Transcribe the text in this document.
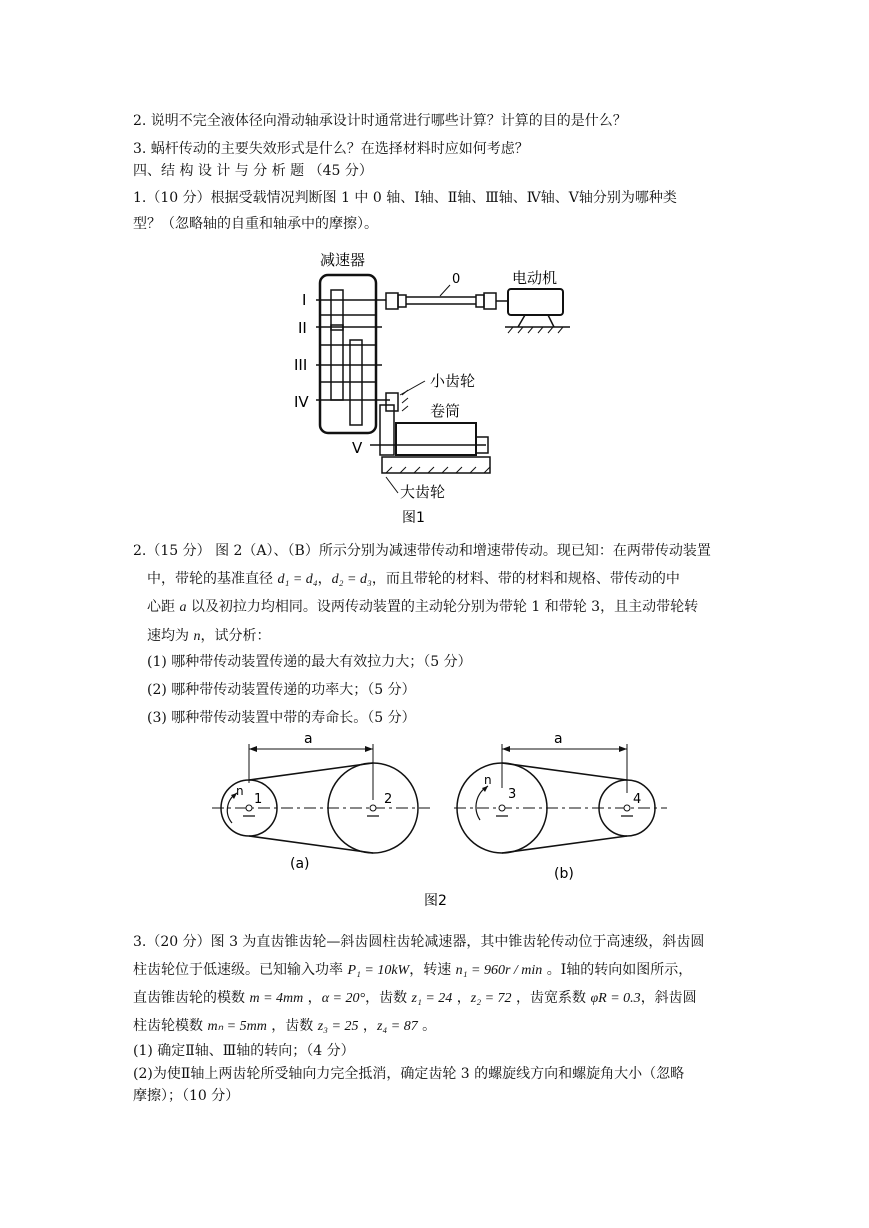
2. 说明不完全液体径向滑动轴承设计时通常进行哪些计算？计算的目的是什么？
3. 蜗杆传动的主要失效形式是什么？在选择材料时应如何考虑？
四、结 构 设 计 与 分 析 题 （45 分）
1.（10 分）根据受载情况判断图 1 中 0 轴、Ⅰ轴、Ⅱ轴、Ⅲ轴、Ⅳ轴、Ⅴ轴分别为哪种类
型？（忽略轴的自重和轴承中的摩擦）。
减速器
I
II
III
IV
0	电动机
小齿轮
卷筒
V
大齿轮
图1
2.（15 分） 图 2（A）、（B）所示分别为减速带传动和增速带传动。现已知：在两带传动装置
中，带轮的基准直径 d₁ = d₄，d₂ = d₃，而且带轮的材料、带的材料和规格、带传动的中
心距 a 以及初拉力均相同。设两传动装置的主动轮分别为带轮 1 和带轮 3，且主动带轮转
速均为 n，试分析：
(1) 哪种带传动装置传递的最大有效拉力大；（5 分）
(2) 哪种带传动装置传递的功率大；（5 分）
(3) 哪种带传动装置中带的寿命长。（5 分）
a
1	2
n
(a)
a
3	4
n
(b)
图2
3.（20 分）图 3 为直齿锥齿轮—斜齿圆柱齿轮减速器，其中锥齿轮传动位于高速级，斜齿圆
柱齿轮位于低速级。已知输入功率 P₁ = 10kW，转速 n₁ = 960r / min 。Ⅰ轴的转向如图所示，
直齿锥齿轮的模数 m = 4mm ，α = 20°，齿数 z₁ = 24 ，z₂ = 72 ，齿宽系数 φR = 0.3，斜齿圆
柱齿轮模数 mₙ = 5mm ，齿数 z₃ = 25 ，z₄ = 87 。
(1) 确定Ⅱ轴、Ⅲ轴的转向；（4 分）
(2)为使Ⅱ轴上两齿轮所受轴向力完全抵消，确定齿轮 3 的螺旋线方向和螺旋角大小（忽略
摩擦）；（10 分）
